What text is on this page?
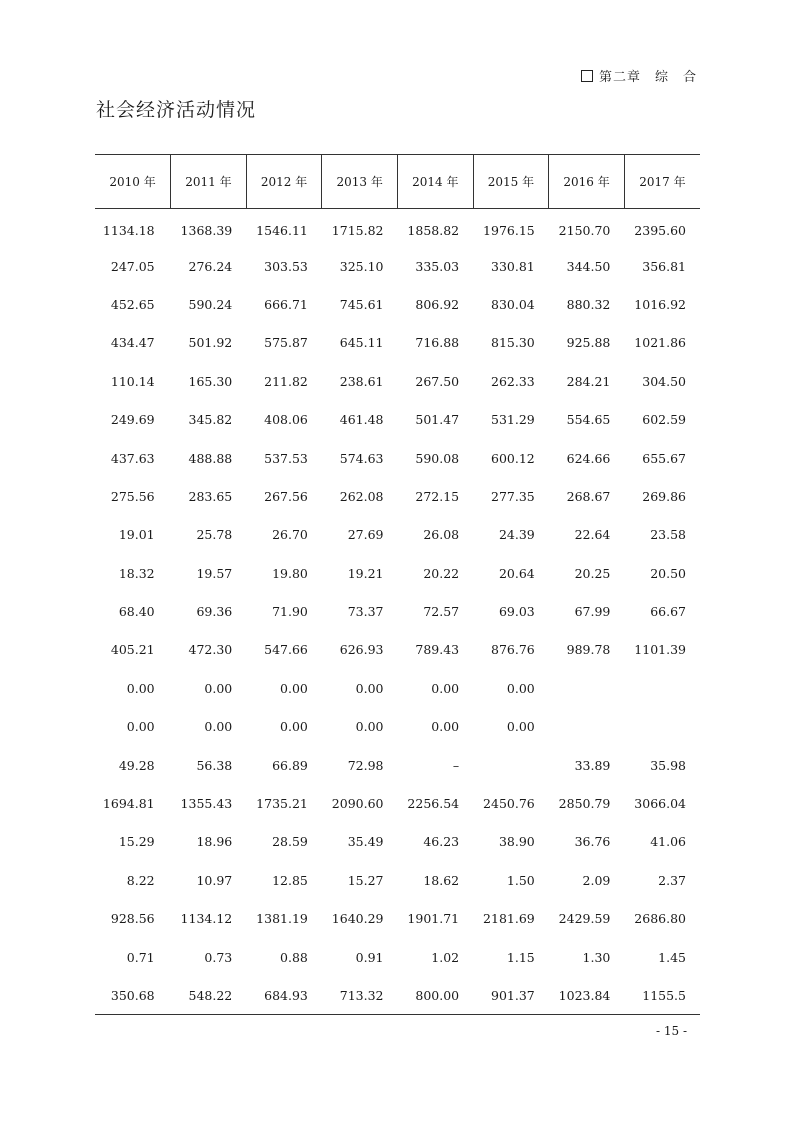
第二章　综　合
社会经济活动情况
2010 年	2011 年	2012 年	2013 年	2014 年	2015 年	2016 年	2017 年
1134.18	1368.39	1546.11	1715.82	1858.82	1976.15	2150.70	2395.60
247.05	276.24	303.53	325.10	335.03	330.81	344.50	356.81
452.65	590.24	666.71	745.61	806.92	830.04	880.32	1016.92
434.47	501.92	575.87	645.11	716.88	815.30	925.88	1021.86
110.14	165.30	211.82	238.61	267.50	262.33	284.21	304.50
249.69	345.82	408.06	461.48	501.47	531.29	554.65	602.59
437.63	488.88	537.53	574.63	590.08	600.12	624.66	655.67
275.56	283.65	267.56	262.08	272.15	277.35	268.67	269.86
19.01	25.78	26.70	27.69	26.08	24.39	22.64	23.58
18.32	19.57	19.80	19.21	20.22	20.64	20.25	20.50
68.40	69.36	71.90	73.37	72.57	69.03	67.99	66.67
405.21	472.30	547.66	626.93	789.43	876.76	989.78	1101.39
0.00	0.00	0.00	0.00	0.00	0.00		
0.00	0.00	0.00	0.00	0.00	0.00		
49.28	56.38	66.89	72.98	–		33.89	35.98
1694.81	1355.43	1735.21	2090.60	2256.54	2450.76	2850.79	3066.04
15.29	18.96	28.59	35.49	46.23	38.90	36.76	41.06
8.22	10.97	12.85	15.27	18.62	1.50	2.09	2.37
928.56	1134.12	1381.19	1640.29	1901.71	2181.69	2429.59	2686.80
0.71	0.73	0.88	0.91	1.02	1.15	1.30	1.45
350.68	548.22	684.93	713.32	800.00	901.37	1023.84	1155.5
- 15 -
